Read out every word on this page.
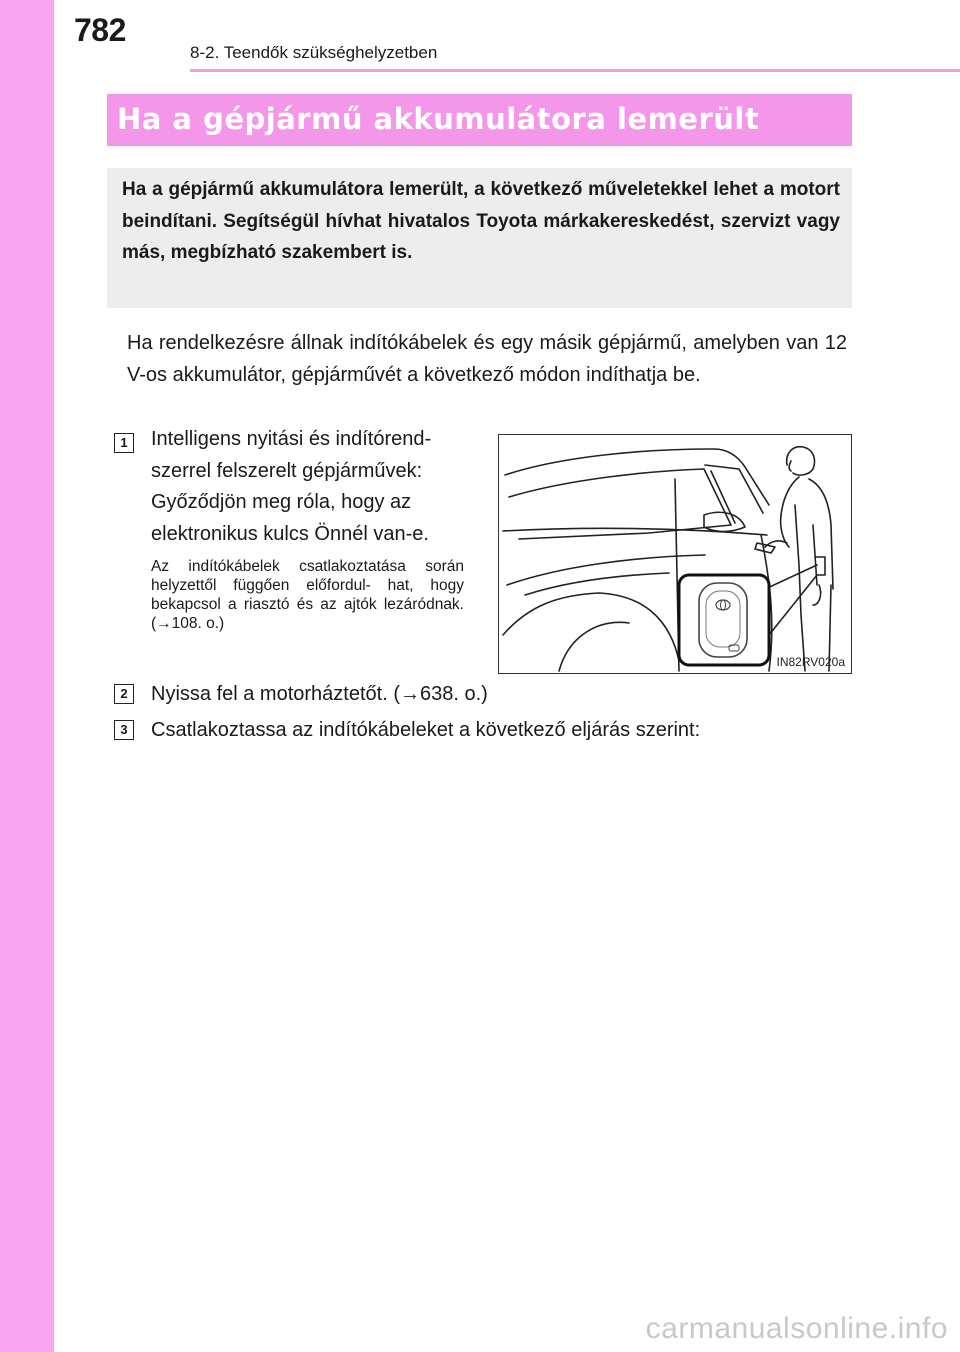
782
8-2. Teendők szükséghelyzetben
Ha a gépjármű akkumulátora lemerült
Ha a gépjármű akkumulátora lemerült, a következő műveletekkel lehet a motort beindítani. Segítségül hívhat hivatalos Toyota márkakereskedést, szervizt vagy más, megbízható szakembert is.
Ha rendelkezésre állnak indítókábelek és egy másik gépjármű, amelyben van 12 V-os akkumulátor, gépjárművét a következő módon indíthatja be.
1	Intelligens nyitási és indítórend- szerrel felszerelt gépjárművek: Győződjön meg róla, hogy az elektronikus kulcs Önnél van-e.
Az indítókábelek csatlakoztatása során helyzettől függően előfordul- hat, hogy bekapcsol a riasztó és az ajtók lezáródnak.(→108. o.)
IN82RV020a
2	Nyissa fel a motorháztetőt. (→638. o.)
3	Csatlakoztassa az indítókábeleket a következő eljárás szerint:
carmanualsonline.info
